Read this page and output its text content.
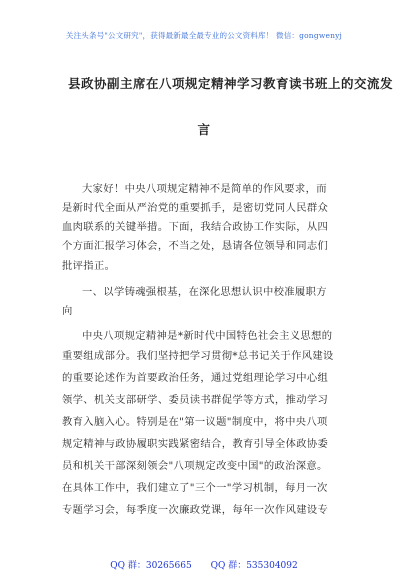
关注头条号"公文研究"，获得最新最全最专业的公文资料库！ 微信：gongwenyj
县政协副主席在八项规定精神学习教育读书班上的交流发
言
大家好！中央八项规定精神不是简单的作风要求，而
是新时代全面从严治党的重要抓手，是密切党同人民群众
血肉联系的关键举措。下面，我结合政协工作实际，从四
个方面汇报学习体会，不当之处，恳请各位领导和同志们
批评指正。
一、以学铸魂强根基，在深化思想认识中校准履职方
向
中央八项规定精神是*新时代中国特色社会主义思想的
重要组成部分。我们坚持把学习贯彻*总书记关于作风建设
的重要论述作为首要政治任务，通过党组理论学习中心组
领学、机关支部研学、委员读书群促学等方式，推动学习
教育入脑入心。特别是在"第一议题"制度中，将中央八项
规定精神与政协履职实践紧密结合，教育引导全体政协委
员和机关干部深刻领会"八项规定改变中国"的政治深意。
在具体工作中，我们建立了"三个一"学习机制，每月一次
专题学习会，每季度一次廉政党课，每年一次作风建设专
QQ 群：30265665 QQ 群：535304092
